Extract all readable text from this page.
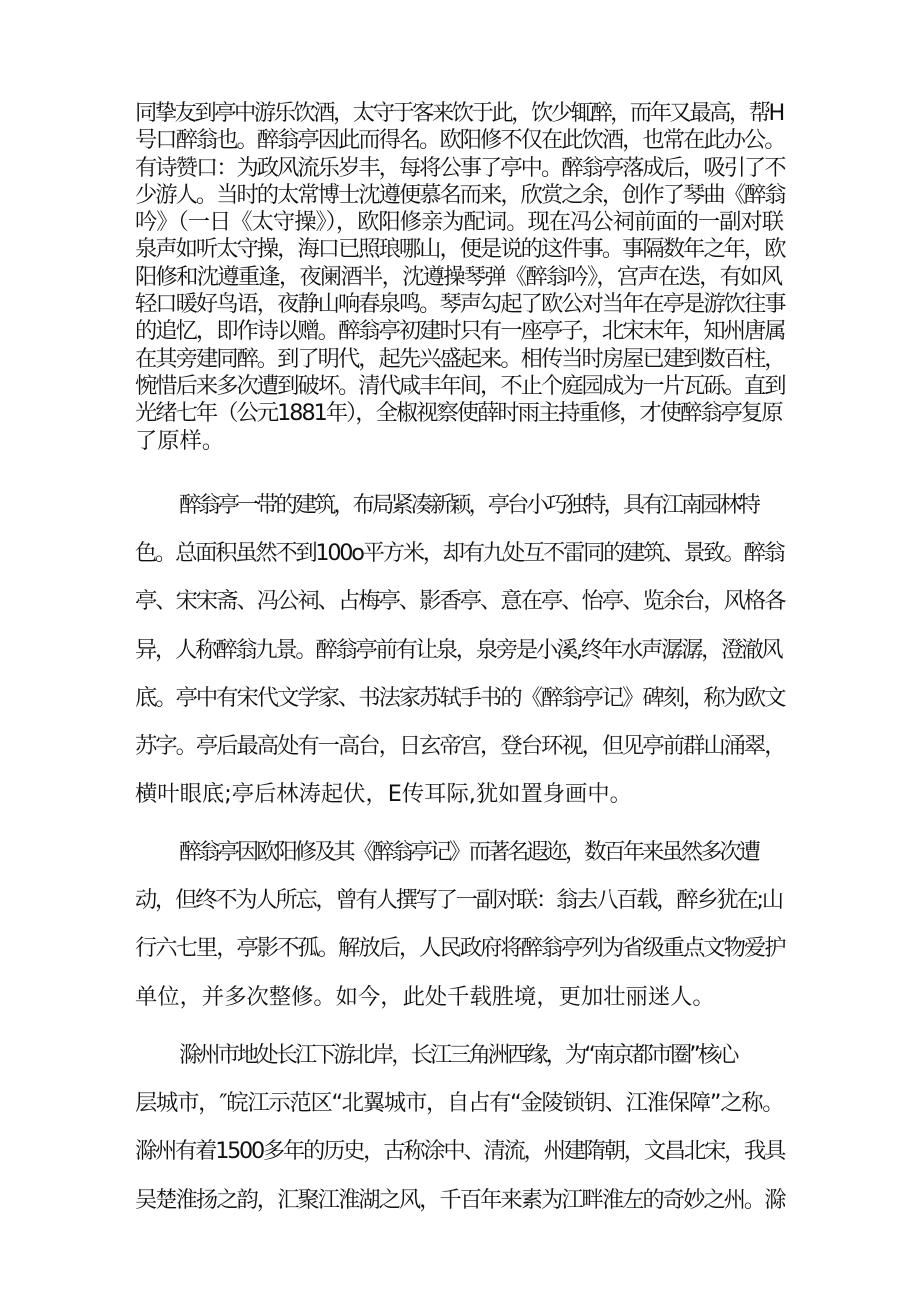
同挚友到亭中游乐饮酒，太守于客来饮于此，饮少辄醉，而年又最高，帮H
号口醉翁也。醉翁亭因此而得名。欧阳修不仅在此饮酒，也常在此办公。
有诗赞口：为政风流乐岁丰，每将公事了亭中。醉翁亭落成后，吸引了不
少游人。当时的太常博士沈遵便慕名而来，欣赏之余，创作了琴曲《醉翁
吟》（一日《太守操》），欧阳修亲为配词。现在冯公祠前面的一副对联
泉声如听太守操，海口已照琅哪山，便是说的这件事。事隔数年之年，欧
阳修和沈遵重逢，夜阑酒半，沈遵操琴弹《醉翁吟》，宫声在迭，有如风
轻口暖好鸟语，夜静山响春泉鸣。琴声勾起了欧公对当年在亭是游饮往事
的追忆，即作诗以赠。醉翁亭初建时只有一座亭子，北宋末年，知州唐属
在其旁建同醉。到了明代，起先兴盛起来。相传当时房屋已建到数百柱，
惋惜后来多次遭到破坏。清代咸丰年间，不止个庭园成为一片瓦砾。直到
光绪七年（公元1881年），全椒视察使薛时雨主持重修，才使醉翁亭复原
了原样。

醉翁亭一带的建筑，布局紧凑新颖，亭台小巧独特，具有江南园林特
色。总面积虽然不到100o平方米，却有九处互不雷同的建筑、景致。醉翁
亭、宋宋斋、冯公祠、占梅亭、影香亭、意在亭、怡亭、览余台，风格各
异，人称醉翁九景。醉翁亭前有让泉，泉旁是小溪,终年水声潺潺，澄澈风
底。亭中有宋代文学家、书法家苏轼手书的《醉翁亭记》碑刻，称为欧文
苏字。亭后最高处有一高台，日玄帝宫，登台环视，但见亭前群山涌翠，
横叶眼底;亭后林涛起伏，E传耳际,犹如置身画中。

醉翁亭因欧阳修及其《醉翁亭记》而著名遐迩，数百年来虽然多次遭
动，但终不为人所忘，曾有人撰写了一副对联：翁去八百载，醉乡犹在;山
行六七里，亭影不孤。解放后，人民政府将醉翁亭列为省级重点文物爱护
单位，并多次整修。如今，此处千载胜境，更加壮丽迷人。

滁州市地处长江下游北岸，长江三角洲西缘，为“南京都市圈”核心
层城市，″皖江示范区“北翼城市，自占有“金陵锁钥、江淮保障”之称。
滁州有着1500多年的历史，古称涂中、清流，州建隋朝，文昌北宋，我具
吴楚淮扬之韵，汇聚江淮湖之风，千百年来素为江畔淮左的奇妙之州。滁
